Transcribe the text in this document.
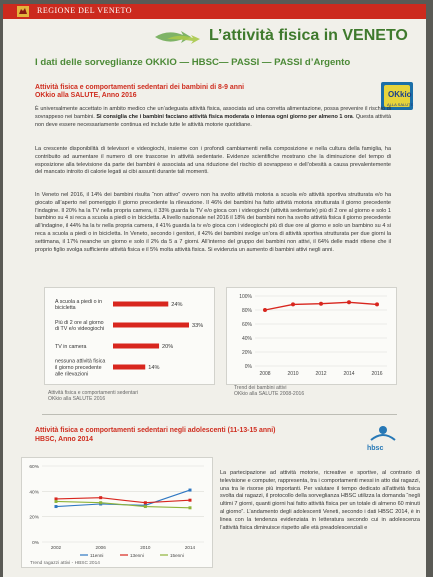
REGIONE DEL VENETO
L’attività fisica in VENETO
I dati delle sorveglianze OKKIO — HBSC— PASSI — PASSI d’Argento
Attività fisica e comportamenti sedentari dei bambini di 8-9 anni
OKkio alla SALUTE, Anno 2016	OKkio
ALLA SALUTE
È universalmente accettato in ambito medico che un’adeguata attività fisica, associata ad una corretta alimentazione, possa prevenire il rischio di sovrappeso nei bambini. Si consiglia che i bambini facciano attività fisica moderata o intensa ogni giorno per almeno 1 ora. Questa attività non deve essere necessariamente continua ed include tutte le attività motorie quotidiane.
La crescente disponibilità di televisori e videogiochi, insieme con i profondi cambiamenti nella composizione e nella cultura della famiglia, ha contribuito ad aumentare il numero di ore trascorse in attività sedentarie. Evidenze scientifiche mostrano che la diminuzione del tempo di esposizione alla televisione da parte dei bambini è associata ad una riduzione del rischio di sovrappeso e dell’obesità a causa prevalentemente del mancato introito di calorie legati ai cibi assunti durante tali momenti.
In Veneto nel 2016, il 14% dei bambini risulta “non attivo” ovvero non ha svolto attività motoria a scuola e/o attività sportiva strutturata e/o ha giocato all’aperto nel pomeriggio il giorno precedente la rilevazione. Il 46% dei bambini ha fatto attività motoria strutturata il giorno precedente l’indagine. Il 20% ha la TV nella propria camera, il 33% guarda la TV e/o gioca con i videogiochi (attività sedentarie) più di 2 ore al giorno e solo 1 bambino su 4 si reca a scuola a piedi o in bicicletta. A livello nazionale nel 2016 il 18% dei bambini non ha svolto attività fisica il giorno precedente all’indagine, il 44% ha la tv nella propria camera, il 41% guarda la tv e/o gioca con i videogiochi più di due ore al giorno e solo un bambino su 4 si reca a scuola a piedi o in bicicletta. In Veneto, secondo i genitori, il 42% dei bambini svolge un’ora di attività sportiva strutturata per due giorni la settimana, il 17% neanche un giorno e solo il 2% da 5 a 7 giorni. All’interno del gruppo dei bambini non attivi, il 64% delle madri ritiene che il proprio figlio svolga sufficiente attività fisica e il 5% molta attività fisica. Si evidenzia un aumento di bambini attivi negli anni.
A scuola a piedi o in
bicicletta
24%
Più di 2 ore al giorno
di TV e/o videogiochi
33%
TV in camera	20%
nessuna attività fisica
il giorno precedente
alle rilevazioni
14%
Attività fisica e comportamenti sedentari
OKkio alla SALUTE 2016
0%
20%
40%
60%
80%
100%
2008	2010	2012	2014	2016
Trend dei bambini attivi
OKkio alla SALUTE 2008-2016
Attività fisica e comportamenti sedentari negli adolescenti (11-13-15 anni)
HBSC, Anno 2014
hbsc
0%
20%
40%
60%
2002	2006	2010	2014
11enni	13enni	15enni
Trend ragazzi attivi - HBSC 2014
La partecipazione ad attività motorie, ricreative e sportive, al contrario di televisione e computer, rappresenta, tra i comportamenti messi in atto dai ragazzi, una tra le risorse più importanti. Per valutare il tempo dedicato all’attività fisica svolta dai ragazzi, il protocollo della sorveglianza HBSC utilizza la domanda “negli ultimi 7 giorni, quanti giorni hai fatto attività fisica per un totale di almeno 60 minuti al giorno”. L’andamento degli adolescenti Veneti, secondo i dati HBSC 2014, è in linea con la tendenza evidenziata in letteratura secondo cui in adolescenza l’attività fisica diminuisce rispetto alle età preadolescenziali e
